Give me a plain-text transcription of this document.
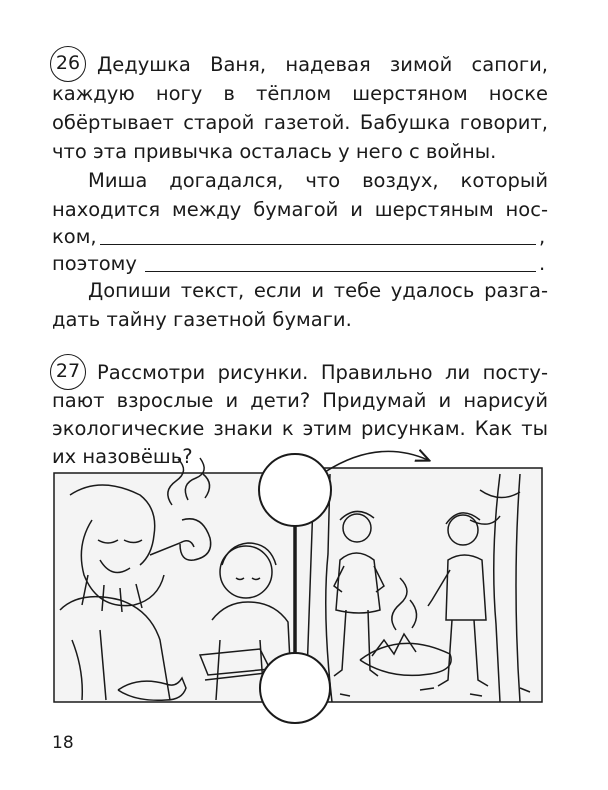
26 Дедушка Ваня, надевая зимой сапоги,
каждую ногу в тёплом шерстяном носке
обёртывает старой газетой. Бабушка говорит,
что эта привычка осталась у него с войны.
Миша догадался, что воздух, который
находится между бумагой и шерстяным нос-
ком,	,
поэтому	.
Допиши текст, если и тебе удалось разга-
дать тайну газетной бумаги.
27 Рассмотри рисунки. Правильно ли посту-
пают взрослые и дети? Придумай и нарисуй
экологические знаки к этим рисункам. Как ты
их назовёшь?
18
